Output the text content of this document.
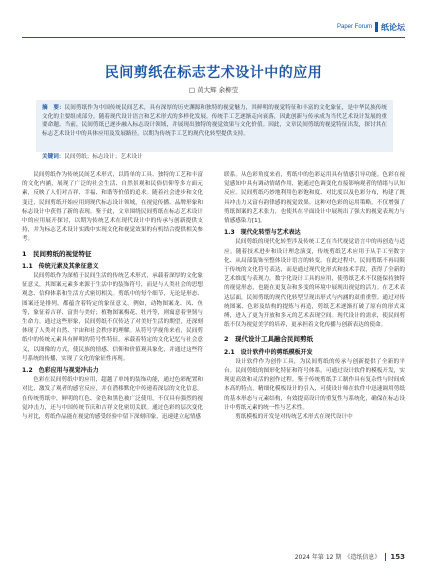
Paper Forum 纸论坛
民间剪纸在标志艺术设计中的应用
□ 黄大辉 余柳莹
摘　要：民间剪纸作为中国传统民间艺术，具有深厚的历史渊源和独特的视觉魅力，其鲜明的视觉特征和丰富的文化象征，是中华民族传统文化的主要组成部分。随着现代设计语言和艺术形式的多样化发展，传统手工艺逐渐走向衰落，因此创新与传承成为当代艺术设计发展的重要命题。当前，民间剪纸已逐步融入标志设计领域，并展现出独特的视觉效果与文化价值。因此，文章民间剪纸的视觉特征出发，探讨其在标志艺术设计中的具体应用及发展路径，以期为传统手工艺的现代化转型提供支持。
关键词：民间剪纸；标志设计；艺术设计

民间剪纸作为传统民间艺术形式，以简单的工具、独特的工艺和丰富的文化内涵，展现了广泛的社会生活、自然景观和民俗信仰等多方面元素，反映了人们对吉祥、幸福、和谐等价值的追求。随着社会进步和文化变迁，民间剪纸开始应用到现代标志设计领域，在视觉传播、品牌形象和标志设计中获得了新的表现。鉴于此，文章围绕民间剪纸在标志艺术设计中的应用展开探讨，以期为传统艺术在现代设计中的传承与创新提供支持，并为标志艺术设计实践中实现文化和视觉效果的有机结合提供相关参考。

1　民间剪纸的视觉特征
1.1　传统元素及其象征意义

民间剪纸作为深植于民间生活的传统艺术形式，承载着深厚的文化象征意义，其图案元素多来源于生活中的装饰符号，而是与人类社会的思想观念、信仰体系和生活方式密切相关。剪纸中的每个细节，无论是形态、图案还是排列，都蕴含着特定的象征意义。例如，动物图案龙、凤、鱼等，象征着吉祥、富贵与美好；植物图案梅花、牡丹等，则寓意着坚韧与生命力。通过这些形象，民间剪纸不仅传达了对美好生活的期望，还深刻体现了人类对自然、宇宙和社会秩序的理解。从符号学视角来看，民间剪纸中的传统元素具有鲜明的符号性特征，承载着特定的文化记忆与社会意义，以图像的方式，使民族的情感、信仰和价值观具象化，并通过这些符号系统的传播，实现了文化的象征性再现。

1.2　色彩应用与视觉冲击力

色彩在民间剪纸中的应用，超越了单纯的装饰功能，通过色彩配置和对比，激发了观者的感官反应，并在潜移默化中传递着深层的文化信息。在传统剪纸中，鲜明的红色、金色和黑色被广泛使用，不仅具有强烈的视觉冲击力，还与中国传统节庆和吉祥文化密切关联。通过色彩的层次变化与对比，剪纸作品能在视觉的感受经验中留下深刻印象，迅速建立起情感

联系。从色彩角度来看，剪纸中的色彩运用具有情感引导功能。色彩在视觉感知中具有调动情绪作用，能通过色调变化直接影响观者的情绪与认知反应。民间剪纸巧妙地利用色彩饱和度、对比度以及色彩分布，构建了既具冲击力又富有韵律感的视觉效果。这种对色彩的运用策略，不仅增强了剪纸图案的艺术张力，也使其在平面设计中展现出了强大的视觉表现力与情感感染力[1]。

1.3　现代化转型与艺术表达

民间剪纸的现代化转型涉及传统工艺在当代视觉语言中的再创造与适应。随着技术进步和设计理念演变，传统剪纸艺术应用于从手工至数字化、从局部装饰至整体设计语言的转变。在此过程中，民间剪纸不再局限于传统的文化符号表达，而是通过现代化形式和技术手段，获得了全新的艺术维度与表现力。数字化设计工具的应用，使剪纸艺术不仅能保持独特的视觉形态，也能在更复杂和多变的环境中展现出视觉的活力。在艺术表达层面，民间剪纸的现代化转型呈现出形式与内涵的双重重塑。通过对传统图案、色彩及结构的提炼与再造，剪纸艺术逐渐打破了原有的形式束缚，进入了更为开放和多元的艺术表现空间。现代设计的需求，使民间剪纸不仅为视觉美学的培养，更承担着文化传播与创新表达的使命。

2　现代设计工具融合民间剪纸
2.1　设计软件中的剪纸模板开发

设计软件作为创作工具，为民间剪纸的传承与创新提供了全新的平台。民间剪纸的图形化特征和符号体系，可通过设计软件的模板开发，实现更高效和灵活的创作过程。鉴于传统剪纸手工制作具有复杂性与时间成本高的特点，精细化模板设计的引入，可使设计师在软件中迅速调用剪纸的基本形态与元素结构，有效提高设计的重复性与系统化，确保在标志设计中剪纸元素的统一性与艺术性。

剪纸模板的开发是对传统艺术形式在现代设计中

2024 年第 12 期　《造纸信息》	153
